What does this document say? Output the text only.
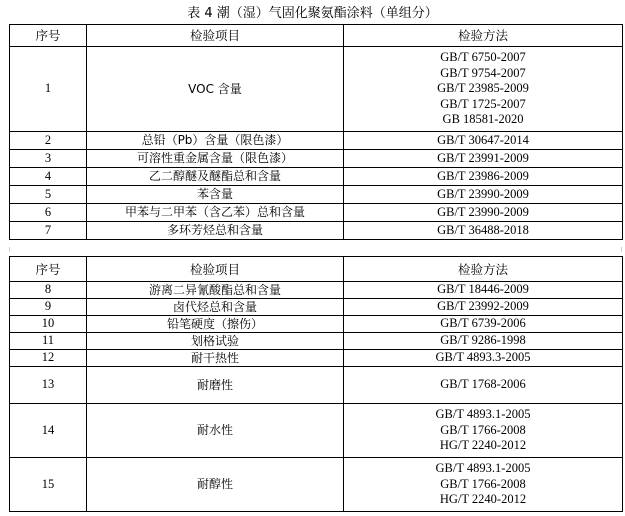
表 4 潮（湿）气固化聚氨酯涂料（单组分）
序号	检验项目	检验方法
1	VOC 含量	GB/T 6750-2007
GB/T 9754-2007
GB/T 23985-2009
GB/T 1725-2007
GB 18581-2020

2	总铅（Pb）含量（限色漆）	GB/T 30647-2014

3	可溶性重金属含量（限色漆）	GB/T 23991-2009

4	乙二醇醚及醚酯总和含量	GB/T 23986-2009

5	苯含量	GB/T 23990-2009

6	甲苯与二甲苯（含乙苯）总和含量	GB/T 23990-2009

7	多环芳烃总和含量	GB/T 36488-2018
序号	检验项目	检验方法
8	游离二异氰酸酯总和含量	GB/T 18446-2009

9	卤代烃总和含量	GB/T 23992-2009

10	铅笔硬度（擦伤）	GB/T 6739-2006

11	划格试验	GB/T 9286-1998

12	耐干热性	GB/T 4893.3-2005

13	耐磨性	GB/T 1768-2006

14	耐水性	GB/T 4893.1-2005
GB/T 1766-2008
HG/T 2240-2012

15	耐醇性	GB/T 4893.1-2005
GB/T 1766-2008
HG/T 2240-2012
